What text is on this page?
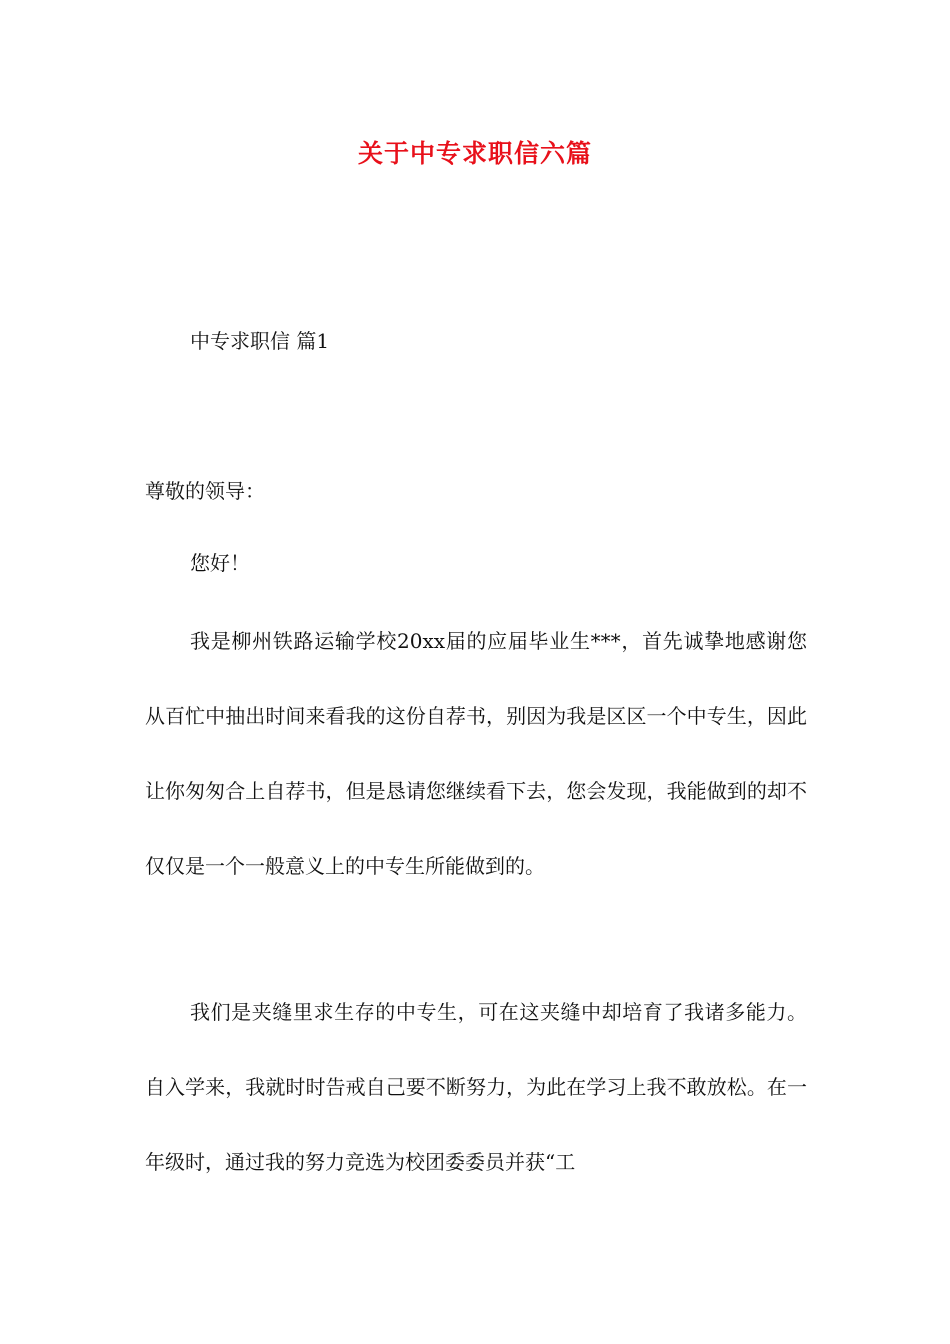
关于中专求职信六篇
中专求职信 篇1
尊敬的领导：
您好！

我是柳州铁路运输学校20xx届的应届毕业生***，首先诚挚地感谢您从百忙中抽出时间来看我的这份自荐书，别因为我是区区一个中专生，因此让你匆匆合上自荐书，但是恳请您继续看下去，您会发现，我能做到的却不仅仅是一个一般意义上的中专生所能做到的。

我们是夹缝里求生存的中专生，可在这夹缝中却培育了我诸多能力。自入学来，我就时时告戒自己要不断努力，为此在学习上我不敢放松。在一年级时，通过我的努力竞选为校团委委员并获“工
